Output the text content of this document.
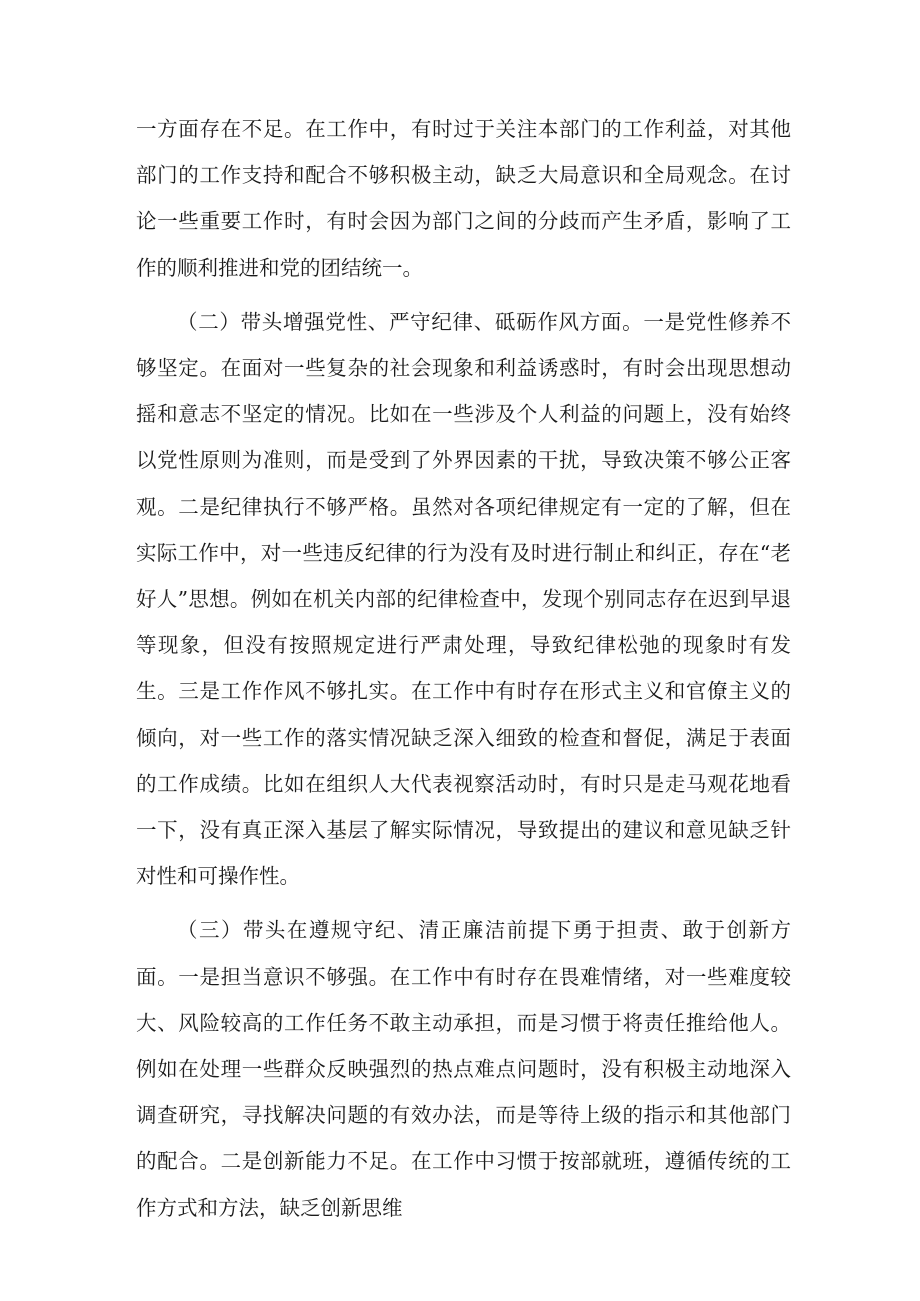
一方面存在不足。在工作中，有时过于关注本部门的工作利益，对其他部门的工作支持和配合不够积极主动，缺乏大局意识和全局观念。在讨论一些重要工作时，有时会因为部门之间的分歧而产生矛盾，影响了工作的顺利推进和党的团结统一。

（二）带头增强党性、严守纪律、砥砺作风方面。一是党性修养不够坚定。在面对一些复杂的社会现象和利益诱惑时，有时会出现思想动摇和意志不坚定的情况。比如在一些涉及个人利益的问题上，没有始终以党性原则为准则，而是受到了外界因素的干扰，导致决策不够公正客观。二是纪律执行不够严格。虽然对各项纪律规定有一定的了解，但在实际工作中，对一些违反纪律的行为没有及时进行制止和纠正，存在“老好人”思想。例如在机关内部的纪律检查中，发现个别同志存在迟到早退等现象，但没有按照规定进行严肃处理，导致纪律松弛的现象时有发生。三是工作作风不够扎实。在工作中有时存在形式主义和官僚主义的倾向，对一些工作的落实情况缺乏深入细致的检查和督促，满足于表面的工作成绩。比如在组织人大代表视察活动时，有时只是走马观花地看一下，没有真正深入基层了解实际情况，导致提出的建议和意见缺乏针对性和可操作性。

（三）带头在遵规守纪、清正廉洁前提下勇于担责、敢于创新方面。一是担当意识不够强。在工作中有时存在畏难情绪，对一些难度较大、风险较高的工作任务不敢主动承担，而是习惯于将责任推给他人。例如在处理一些群众反映强烈的热点难点问题时，没有积极主动地深入调查研究，寻找解决问题的有效办法，而是等待上级的指示和其他部门的配合。二是创新能力不足。在工作中习惯于按部就班，遵循传统的工作方式和方法，缺乏创新思维
